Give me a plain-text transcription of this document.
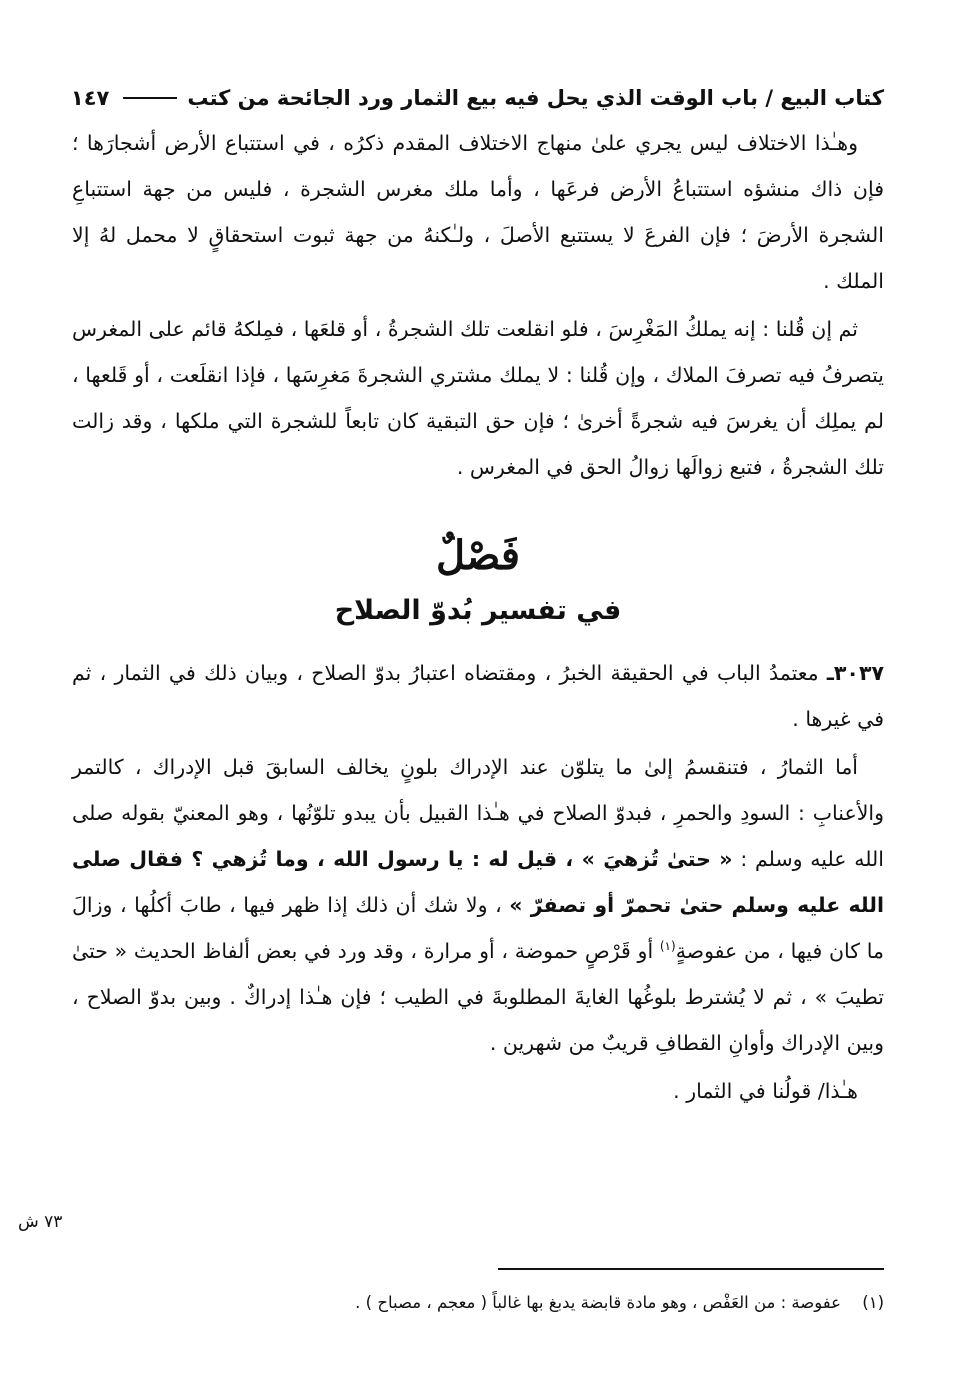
كتاب البيع / باب الوقت الذي يحل فيه بيع الثمار ورد الجائحة من كتب
١٤٧

وهـٰذا الاختلاف ليس يجري علىٰ منهاج الاختلاف المقدم ذكرُه ، في استتباع الأرض أشجارَها ؛ فإن ذاك منشؤه استتباعُ الأرض فرعَها ، وأما ملك مغرس الشجرة ، فليس من جهة استتباعِ الشجرة الأرضَ ؛ فإن الفرعَ لا يستتبع الأصلَ ، ولـٰكنهُ من جهة ثبوت استحقاقٍ لا محمل لهُ إلا الملك .

ثم إن قُلنا : إنه يملكُ المَغْرِسَ ، فلو انقلعت تلك الشجرةُ ، أو قلعَها ، فمِلكهُ قائم على المغرس يتصرفُ فيه تصرفَ الملاك ، وإن قُلنا : لا يملك مشتري الشجرةَ مَغرِسَها ، فإذا انقلَعت ، أو قَلعها ، لم يملِك أن يغرسَ فيه شجرةً أخرىٰ ؛ فإن حق التبقية كان تابعاً للشجرة التي ملكها ، وقد زالت تلك الشجرةُ ، فتبع زوالَها زوالُ الحق في المغرس .

فَصْلٌ
في تفسير بُدوّ الصلاح

٣٠٣٧ـ معتمدُ الباب في الحقيقة الخبرُ ، ومقتضاه اعتبارُ بدوّ الصلاح ، وبيان ذلك في الثمار ، ثم في غيرها .

أما الثمارُ ، فتنقسمُ إلىٰ ما يتلوّن عند الإدراك بلونٍ يخالف السابقَ قبل الإدراك ، كالتمر والأعنابِ : السودِ والحمرِ ، فبدوّ الصلاح في هـٰذا القبيل بأن يبدو تلوّنُها ، وهو المعنيّ بقوله صلى الله عليه وسلم : « حتىٰ تُزهيَ » ، قيل له : يا رسول الله ، وما تُزهي ؟ فقال صلى الله عليه وسلم حتىٰ تحمرّ أو تصفرّ » ، ولا شك أن ذلك إذا ظهر فيها ، طابَ أكلُها ، وزالَ ما كان فيها ، من عفوصةٍ$^{(١)}$ أو قَرْصٍ حموضة ، أو مرارة ، وقد ورد في بعض ألفاظ الحديث « حتىٰ تطيبَ » ، ثم لا يُشترط بلوغُها الغايةَ المطلوبةَ في الطيب ؛ فإن هـٰذا إدراكٌ . وبين بدوّ الصلاح ، وبين الإدراك وأوانِ القطافِ قريبٌ من شهرين .

هـٰذا/ قولُنا في الثمار .

٧٣ ش
(١) عفوصة : من العَفْص ، وهو مادة قابضة يدبغ بها غالباً ( معجم ، مصباح ) .
